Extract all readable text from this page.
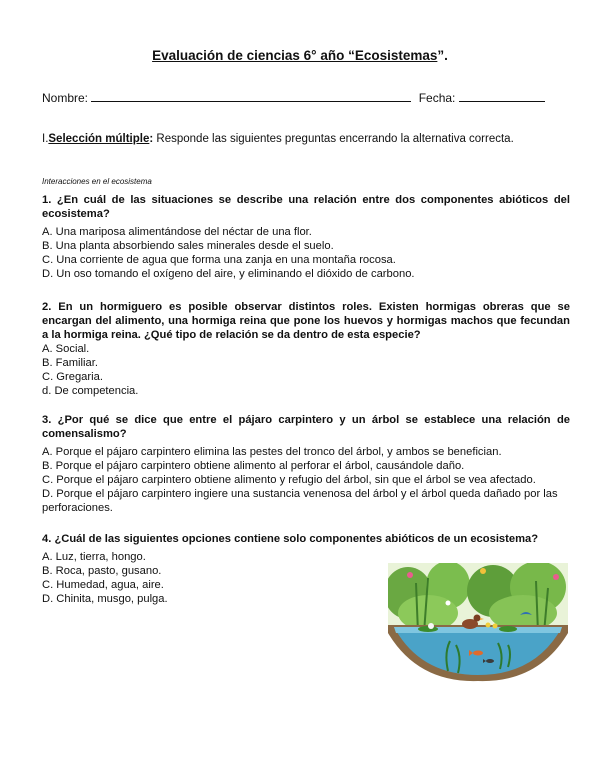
Evaluación de ciencias 6° año “Ecosistemas”.
Nombre:	Fecha:
I.Selección múltiple: Responde las siguientes preguntas encerrando la alternativa correcta.
Interacciones en el ecosistema
1. ¿En cuál de las situaciones se describe una relación entre dos componentes abióticos del ecosistema?
A. Una mariposa alimentándose del néctar de una flor.
B. Una planta absorbiendo sales minerales desde el suelo.
C. Una corriente de agua que forma una zanja en una montaña rocosa.
D. Un oso tomando el oxígeno del aire, y eliminando el dióxido de carbono.
2. En un hormiguero es posible observar distintos roles. Existen hormigas obreras que se encargan del alimento, una hormiga reina que pone los huevos y hormigas machos que fecundan a la hormiga reina. ¿Qué tipo de relación se da dentro de esta especie?
A. Social.
B. Familiar.
C. Gregaria.
d. De competencia.
3. ¿Por qué se dice que entre el pájaro carpintero y un árbol se establece una relación de comensalismo?
A. Porque el pájaro carpintero elimina las pestes del tronco del árbol, y ambos se benefician.
B. Porque el pájaro carpintero obtiene alimento al perforar el árbol, causándole daño.
C. Porque el pájaro carpintero obtiene alimento y refugio del árbol, sin que el árbol se vea afectado.
D. Porque el pájaro carpintero ingiere una sustancia venenosa del árbol y el árbol queda dañado por las perforaciones.
4. ¿Cuál de las siguientes opciones contiene solo componentes abióticos de un ecosistema?
A. Luz, tierra, hongo.
B. Roca, pasto, gusano.
C. Humedad, agua, aire.
D. Chinita, musgo, pulga.
